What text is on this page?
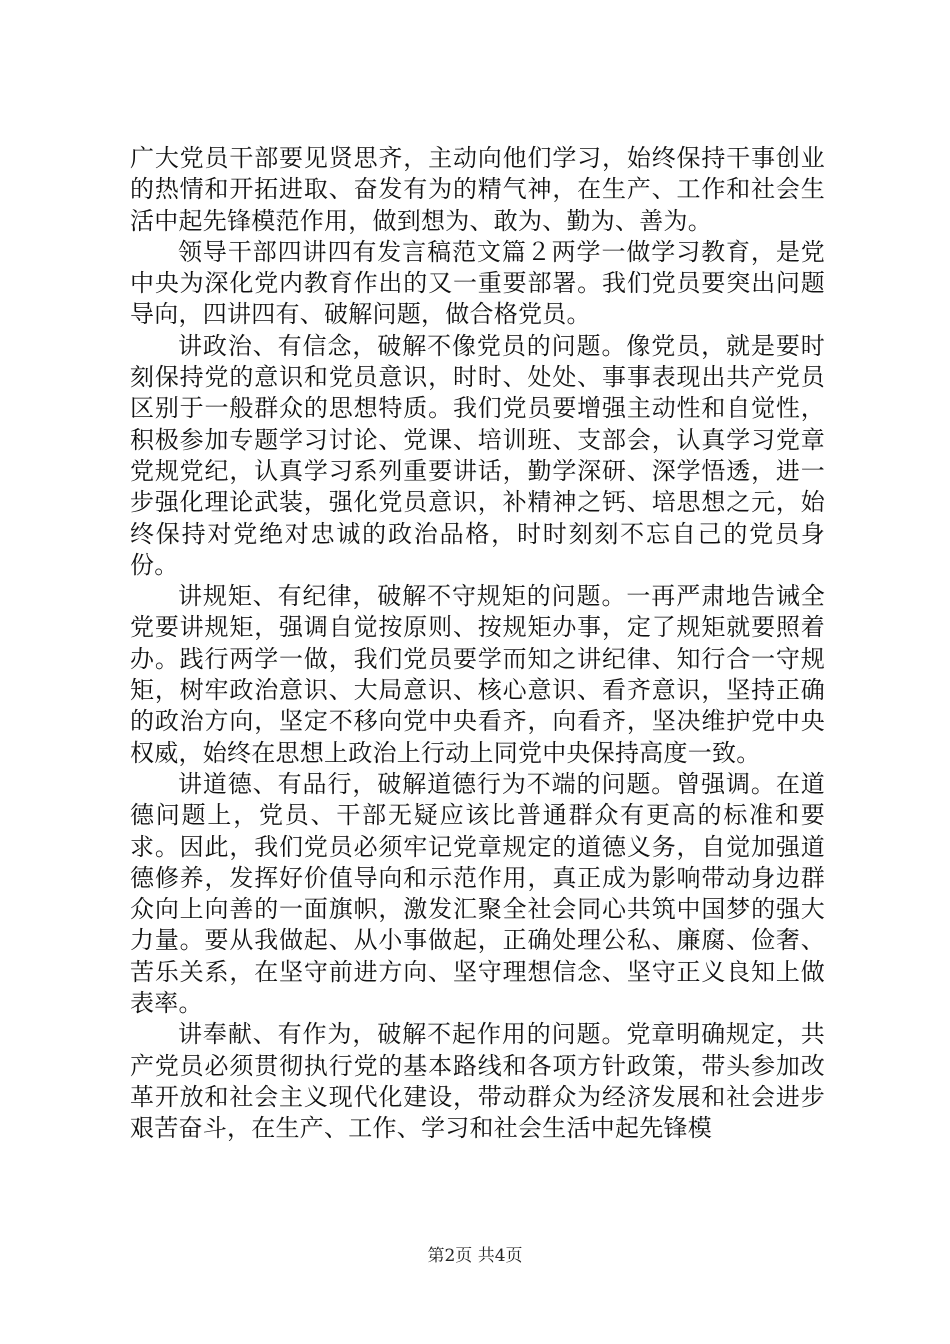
广大党员干部要见贤思齐，主动向他们学习，始终保持干事创业的热情和开拓进取、奋发有为的精气神，在生产、工作和社会生活中起先锋模范作用，做到想为、敢为、勤为、善为。

领导干部四讲四有发言稿范文篇２两学一做学习教育，是党中央为深化党内教育作出的又一重要部署。我们党员要突出问题导向，四讲四有、破解问题，做合格党员。

讲政治、有信念，破解不像党员的问题。像党员，就是要时刻保持党的意识和党员意识，时时、处处、事事表现出共产党员区别于一般群众的思想特质。我们党员要增强主动性和自觉性，积极参加专题学习讨论、党课、培训班、支部会，认真学习党章党规党纪，认真学习系列重要讲话，勤学深研、深学悟透，进一步强化理论武装，强化党员意识，补精神之钙、培思想之元，始终保持对党绝对忠诚的政治品格，时时刻刻不忘自己的党员身份。

讲规矩、有纪律，破解不守规矩的问题。一再严肃地告诫全党要讲规矩，强调自觉按原则、按规矩办事，定了规矩就要照着办。践行两学一做，我们党员要学而知之讲纪律、知行合一守规矩，树牢政治意识、大局意识、核心意识、看齐意识，坚持正确的政治方向，坚定不移向党中央看齐，向看齐，坚决维护党中央权威，始终在思想上政治上行动上同党中央保持高度一致。

讲道德、有品行，破解道德行为不端的问题。曾强调。在道德问题上，党员、干部无疑应该比普通群众有更高的标准和要求。因此，我们党员必须牢记党章规定的道德义务，自觉加强道德修养，发挥好价值导向和示范作用，真正成为影响带动身边群众向上向善的一面旗帜，激发汇聚全社会同心共筑中国梦的强大力量。要从我做起、从小事做起，正确处理公私、廉腐、俭奢、苦乐关系，在坚守前进方向、坚守理想信念、坚守正义良知上做表率。

讲奉献、有作为，破解不起作用的问题。党章明确规定，共产党员必须贯彻执行党的基本路线和各项方针政策，带头参加改革开放和社会主义现代化建设，带动群众为经济发展和社会进步艰苦奋斗，在生产、工作、学习和社会生活中起先锋模

第2页 共4页
